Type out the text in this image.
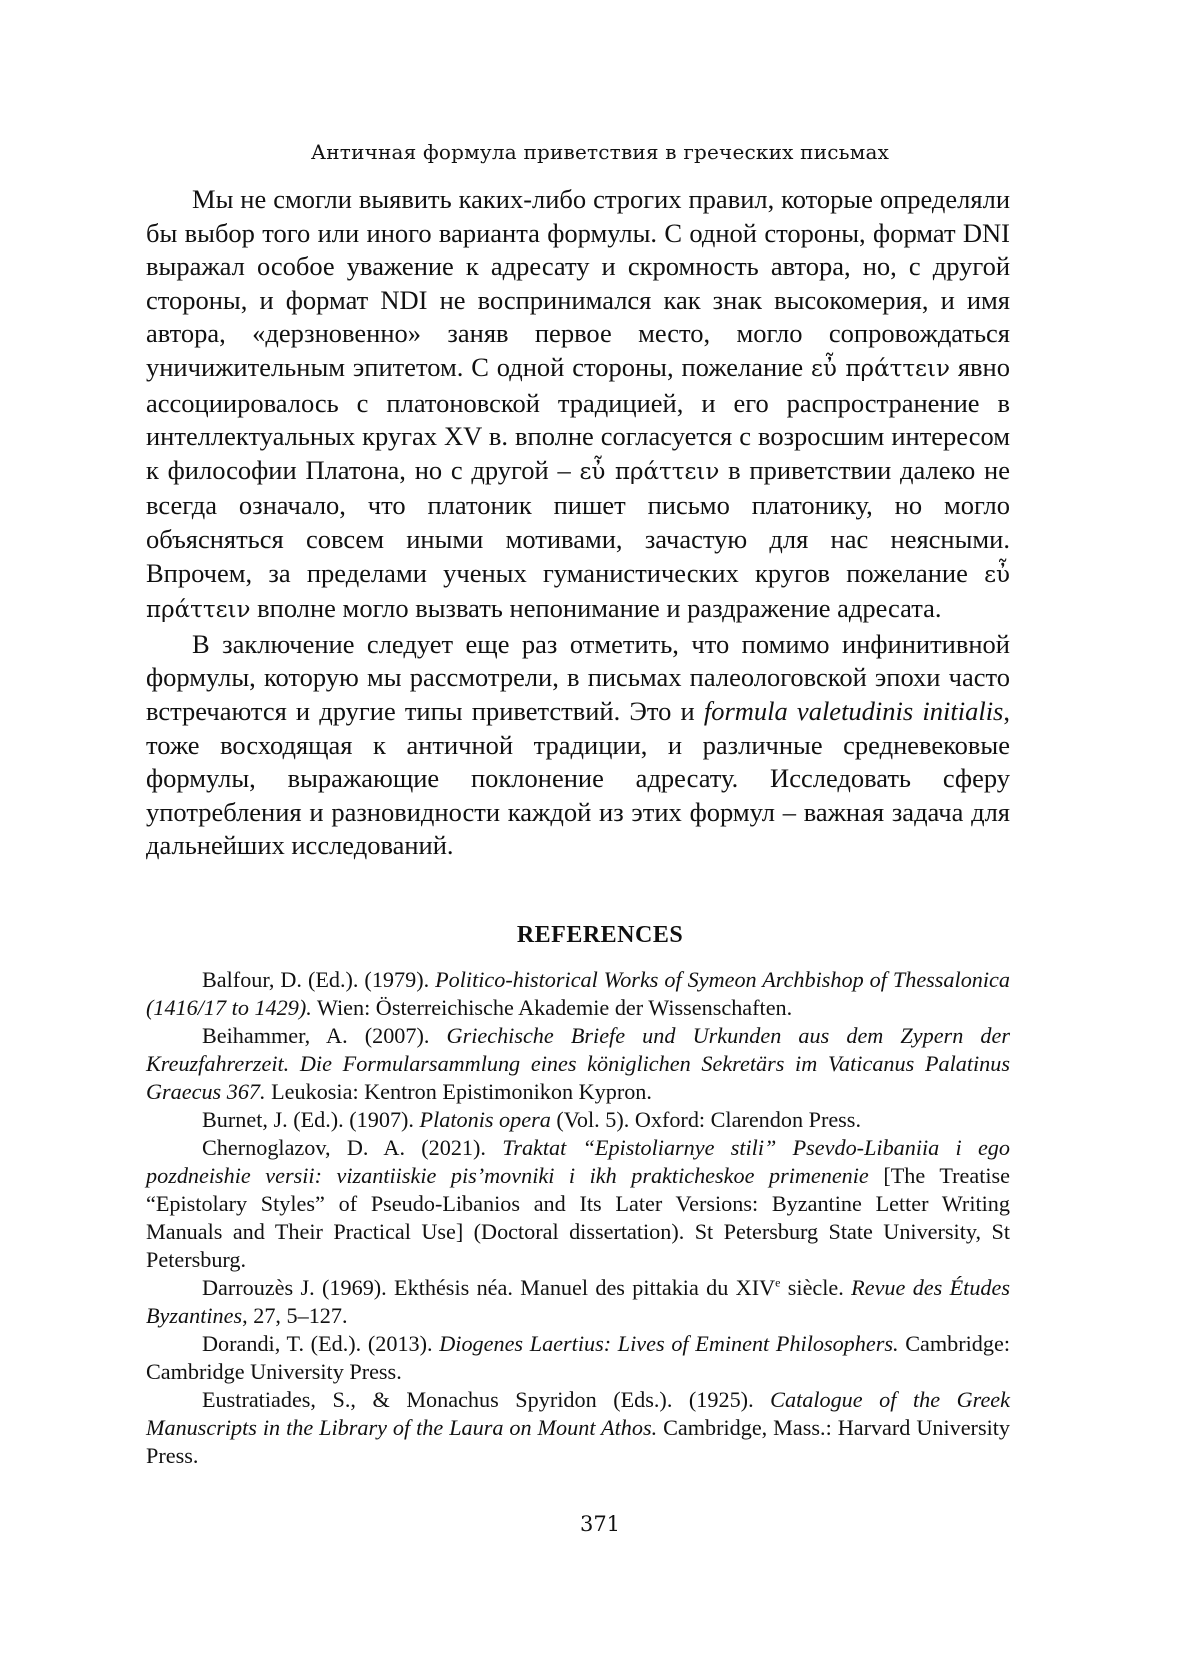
Античная формула приветствия в греческих письмах

Мы не смогли выявить каких-либо строгих правил, которые определяли бы выбор того или иного варианта формулы. С одной стороны, формат DNI выражал особое уважение к адресату и скромность автора, но, с другой стороны, и формат NDI не воспринимался как знак высокомерия, и имя автора, «дерзновенно» заняв первое место, могло сопровождаться уничижительным эпитетом. С одной стороны, пожелание εὖ πράττειν явно ассоциировалось с платоновской традицией, и его распространение в интеллектуальных кругах XV в. вполне согласуется с возросшим интересом к философии Платона, но с другой – εὖ πράττειν в приветствии далеко не всегда означало, что платоник пишет письмо платонику, но могло объясняться совсем иными мотивами, зачастую для нас неясными. Впрочем, за пределами ученых гуманистических кругов пожелание εὖ πράττειν вполне могло вызвать непонимание и раздражение адресата.

В заключение следует еще раз отметить, что помимо инфинитивной формулы, которую мы рассмотрели, в письмах палеологовской эпохи часто встречаются и другие типы приветствий. Это и formula valetudinis initialis, тоже восходящая к античной традиции, и различные средневековые формулы, выражающие поклонение адресату. Исследовать сферу употребления и разновидности каждой из этих формул – важная задача для дальнейших исследований.

REFERENCES

Balfour, D. (Ed.). (1979). Politico-historical Works of Symeon Archbishop of Thessalonica (1416/17 to 1429). Wien: Österreichische Akademie der Wissenschaften.

Beihammer, A. (2007). Griechische Briefe und Urkunden aus dem Zypern der Kreuzfahrerzeit. Die Formularsammlung eines königlichen Sekretärs im Vaticanus Palatinus Graecus 367. Leukosia: Kentron Epistimonikon Kypron.

Burnet, J. (Ed.). (1907). Platonis opera (Vol. 5). Oxford: Clarendon Press.

Chernoglazov, D. A. (2021). Traktat “Epistoliarnye stili” Psevdo-Libaniia i ego pozdneishie versii: vizantiiskie pis’movniki i ikh prakticheskoe primenenie [The Treatise “Epistolary Styles” of Pseudo-Libanios and Its Later Versions: Byzantine Letter Writing Manuals and Their Practical Use] (Doctoral dissertation). St Petersburg State University, St Petersburg.

Darrouzès J. (1969). Ekthésis néa. Manuel des pittakia du XIVe siècle. Revue des Études Byzantines, 27, 5–127.

Dorandi, T. (Ed.). (2013). Diogenes Laertius: Lives of Eminent Philosophers. Cambridge: Cambridge University Press.

Eustratiades, S., & Monachus Spyridon (Eds.). (1925). Catalogue of the Greek Manuscripts in the Library of the Laura on Mount Athos. Cambridge, Mass.: Harvard University Press.

371
